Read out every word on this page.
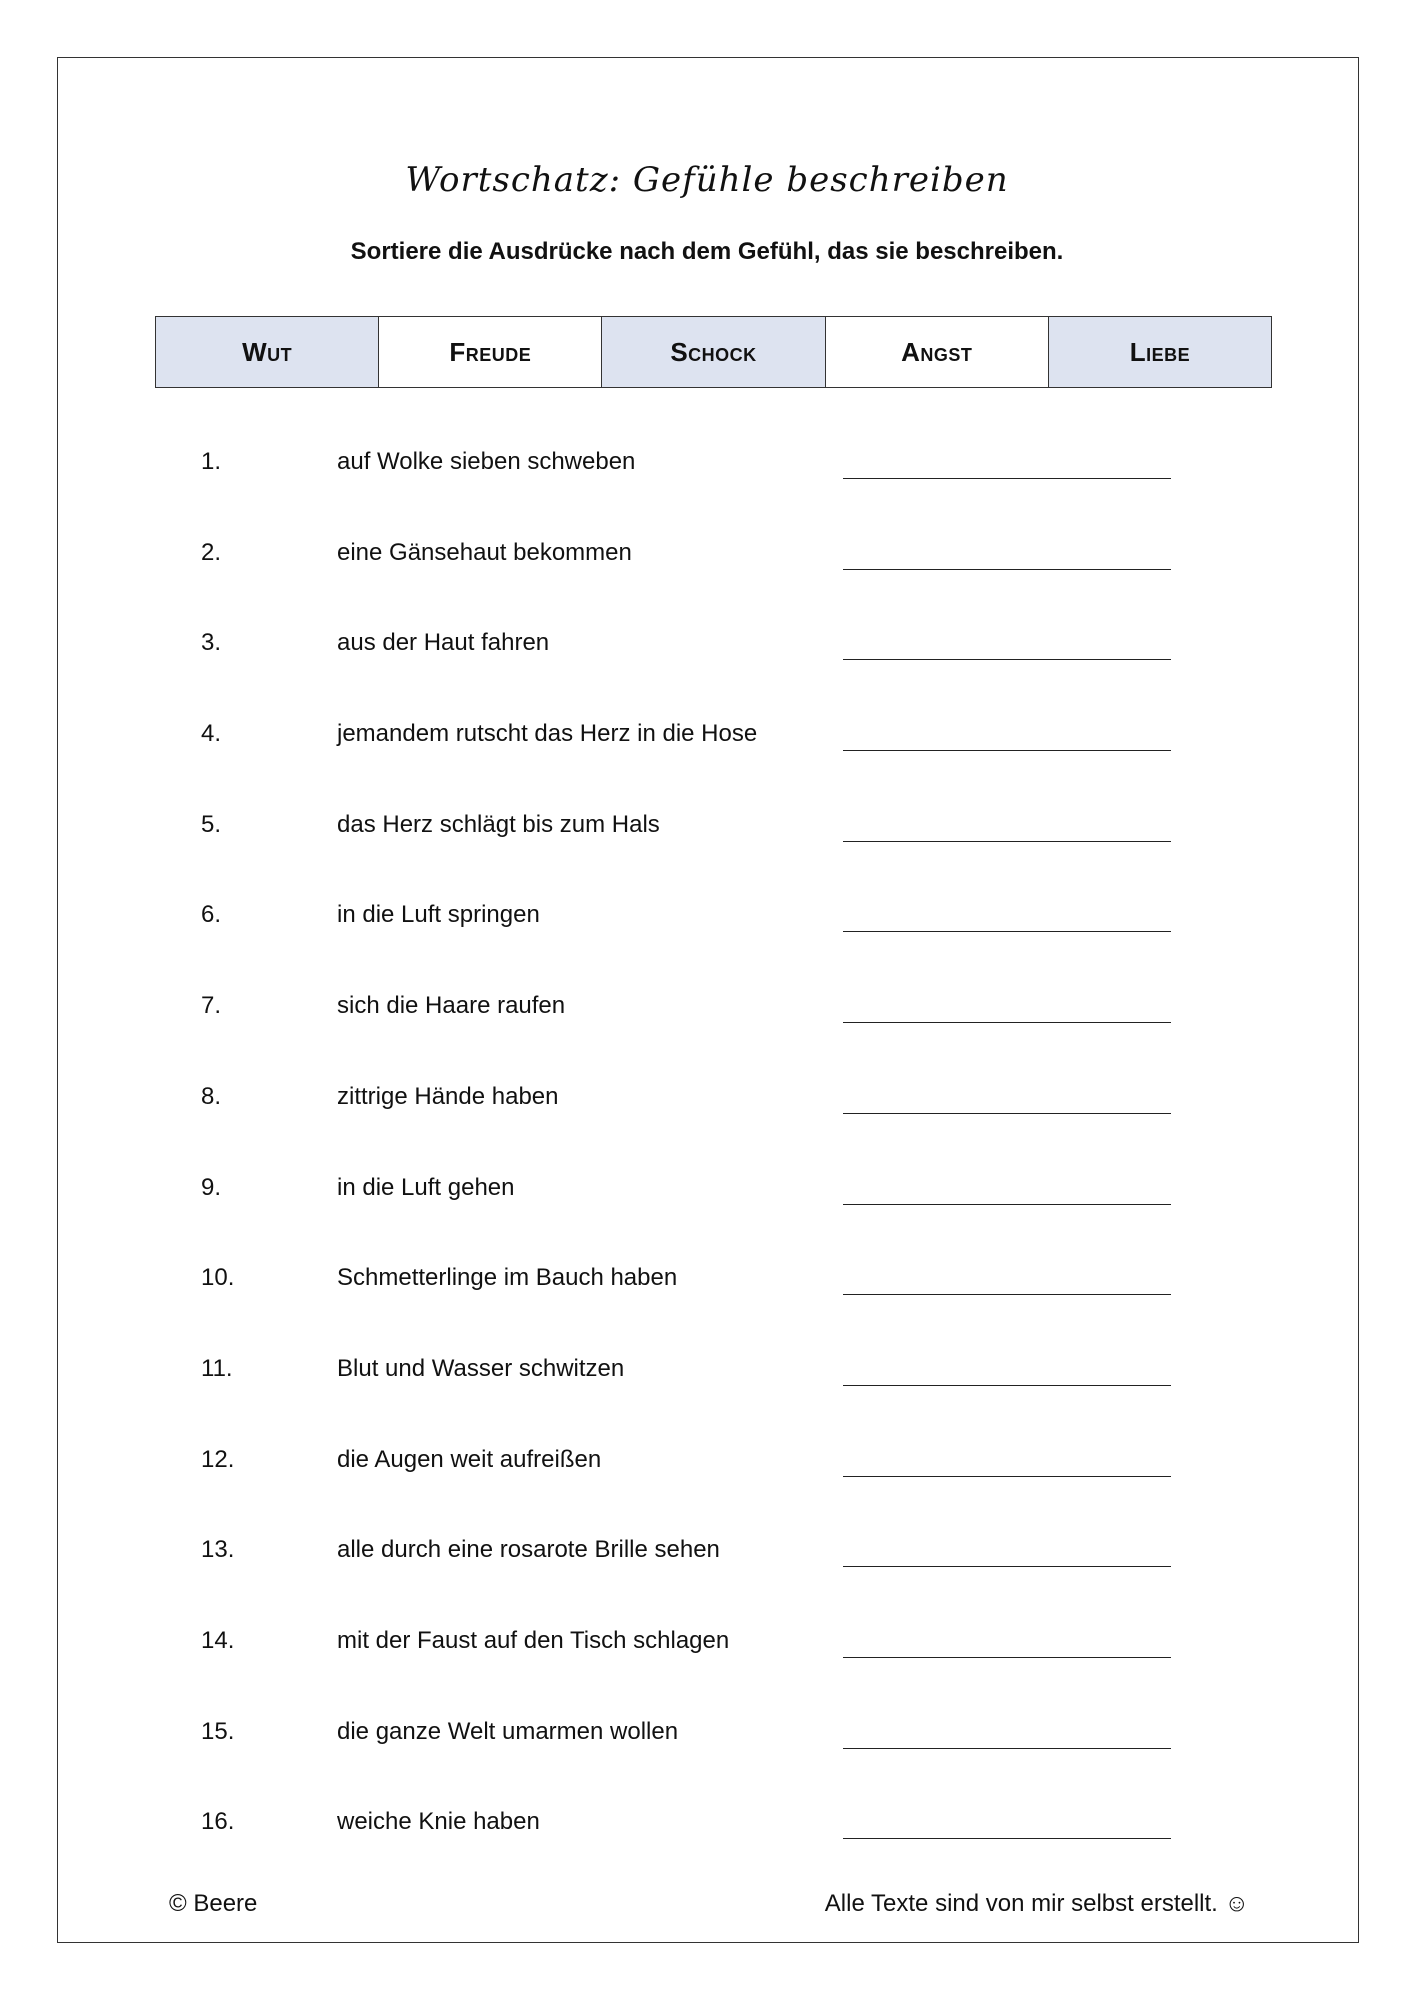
Wortschatz: Gefühle beschreiben
Sortiere die Ausdrücke nach dem Gefühl, das sie beschreiben.
Wut	Freude	Schock	Angst	Liebe
1.	auf Wolke sieben schweben
2.	eine Gänsehaut bekommen
3.	aus der Haut fahren
4.	jemandem rutscht das Herz in die Hose
5.	das Herz schlägt bis zum Hals
6.	in die Luft springen
7.	sich die Haare raufen
8.	zittrige Hände haben
9.	in die Luft gehen
10.	Schmetterlinge im Bauch haben
11.	Blut und Wasser schwitzen
12.	die Augen weit aufreißen
13.	alle durch eine rosarote Brille sehen
14.	mit der Faust auf den Tisch schlagen
15.	die ganze Welt umarmen wollen
16.	weiche Knie haben
© Beere	Alle Texte sind von mir selbst erstellt. ☺
